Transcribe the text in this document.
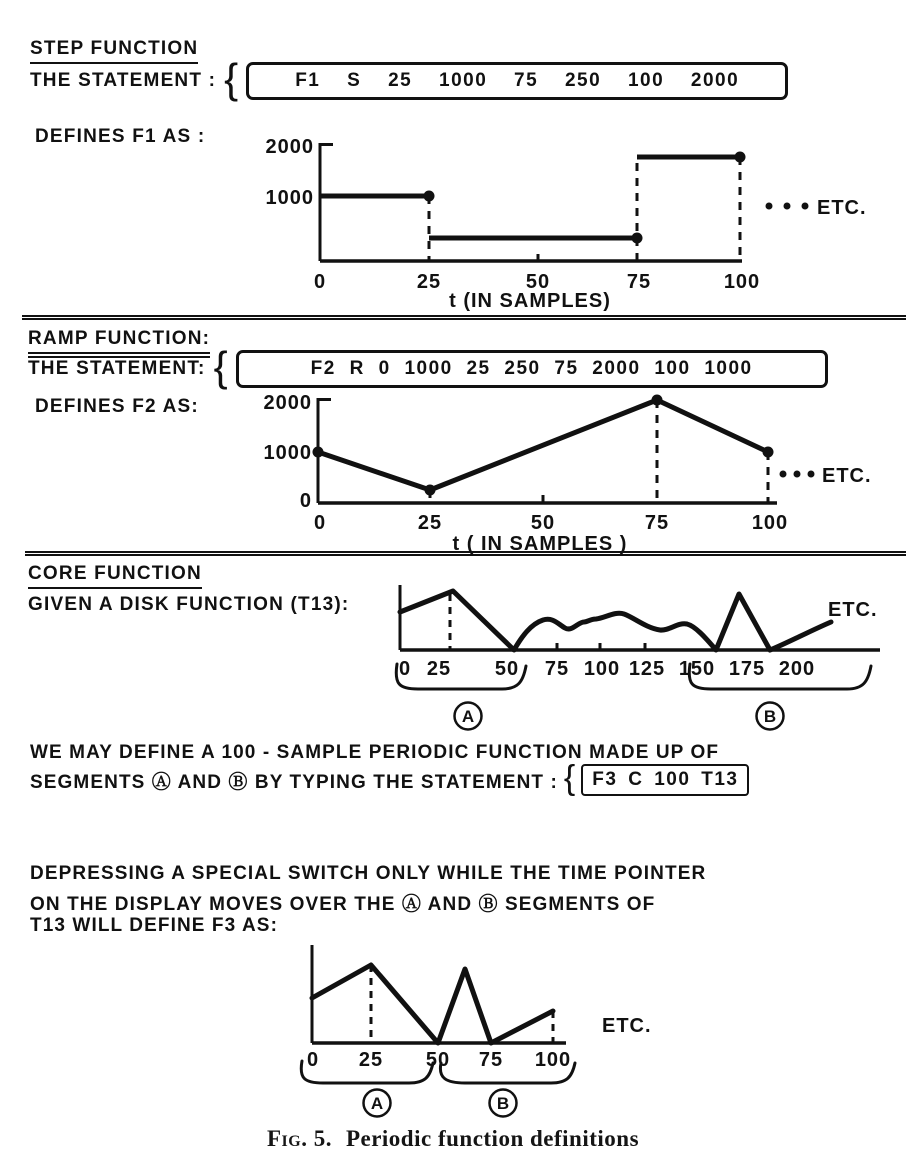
STEP FUNCTION
THE STATEMENT : {	F1 S 25 1000 75 250 100 2000
DEFINES F1 AS :	2000
1000
0	25	50	75	100
t (IN SAMPLES)
ETC.
RAMP FUNCTION:
THE STATEMENT: {	F2 R 0 1000 25 250 75 2000 100 1000
DEFINES F2 AS:	2000
1000
0
0	25	50	75	100
t ( IN SAMPLES )
ETC.
CORE FUNCTION
GIVEN A DISK FUNCTION (T13):
0 25 50 75 100 125 150 175 200
A	B
ETC.
WE MAY DEFINE A 100 - SAMPLE PERIODIC FUNCTION MADE UP OF
SEGMENTS Ⓐ AND Ⓑ BY TYPING THE STATEMENT : { F3 C 100 T13
DEPRESSING A SPECIAL SWITCH ONLY WHILE THE TIME POINTER
ON THE DISPLAY MOVES OVER THE Ⓐ AND Ⓑ SEGMENTS OF
T13 WILL DEFINE F3 AS:
0 25 50 75 100
A	B
ETC.
Fig. 5. Periodic function definitions
